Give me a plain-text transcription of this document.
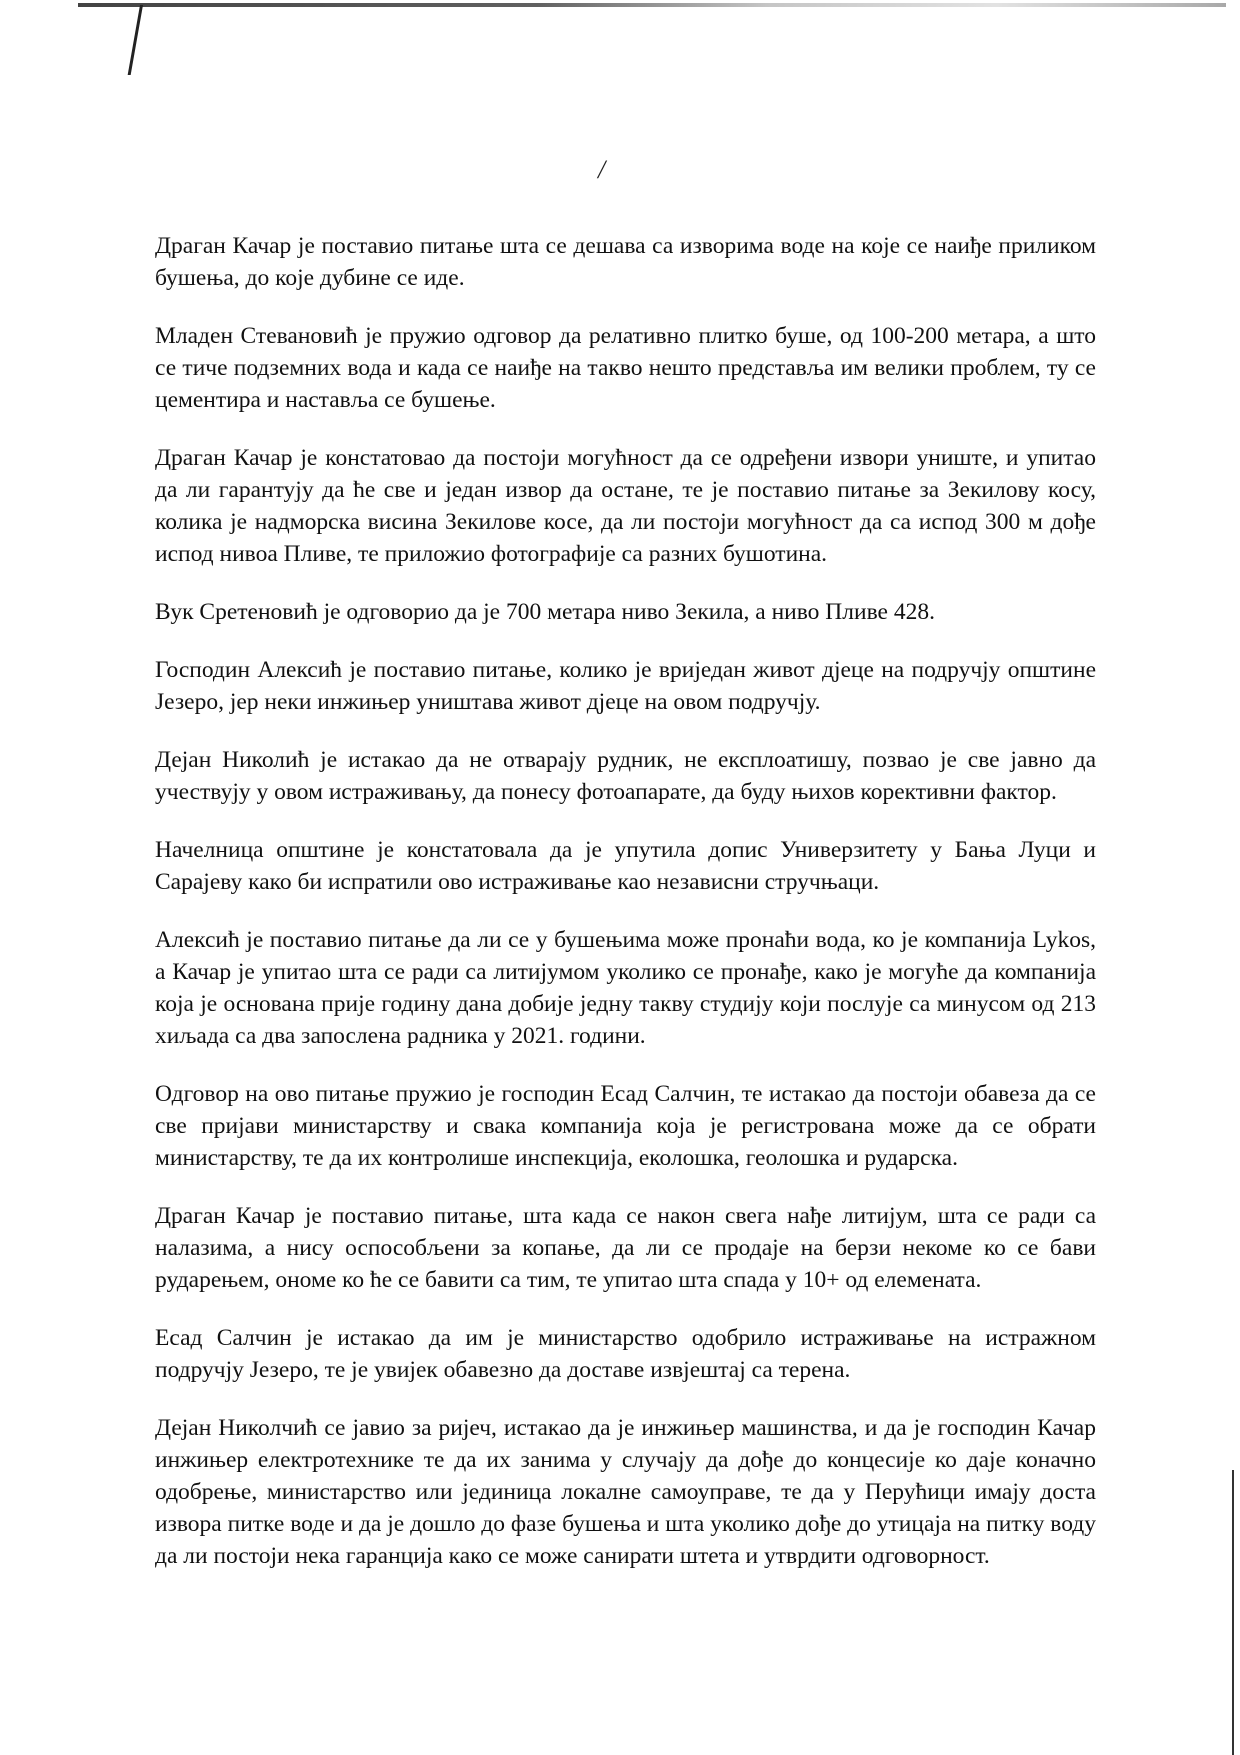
/

Драган Качар је поставио питање шта се дешава са изворима воде на које се наиђе приликом бушења, до које дубине се иде.

Младен Стевановић је пружио одговор да релативно плитко буше, од 100-200 метара, а што се тиче подземних вода и када се наиђе на такво нешто представља им велики проблем, ту се цементира и наставља се бушење.

Драган Качар је констатовао да постоји могућност да се одређени извори униште, и упитао да ли гарантују да ће све и један извор да остане, те је поставио питање за Зекилову косу, колика је надморска висина Зекилове косе, да ли постоји могућност да са испод 300 м дође испод нивоа Пливе, те приложио фотографије са разних бушотина.

Вук Сретеновић је одговорио да је 700 метара ниво Зекила, а ниво Пливе 428.

Господин Алексић је поставио питање, колико је вриједан живот дјеце на подручју општине Језеро, јер неки инжињер уништава живот дјеце на овом подручју.

Дејан Николић је истакао да не отварају рудник, не експлоатишу, позвао је све јавно да учествују у овом истраживању, да понесу фотоапарате, да буду њихов корективни фактор.

Начелница општине је констатовала да је упутила допис Универзитету у Бања Луци и Сарајеву како би испратили ово истраживање као независни стручњаци.

Алексић је поставио питање да ли се у бушењима може пронаћи вода, ко је компанија Lykos, а Качар је упитао шта се ради са литијумом уколико се пронађе, како је могуће да компанија која је основана прије годину дана добије једну такву студију који послује са минусом од 213 хиљада са два запослена радника у 2021. години.

Одговор на ово питање пружио је господин Есад Салчин, те истакао да постоји обавеза да се све пријави министарству и свака компанија која је регистрована може да се обрати министарству, те да их контролише инспекција, еколошка, геолошка и рударска.

Драган Качар је поставио питање, шта када се након свега нађе литијум, шта се ради са налазима, а нису оспособљени за копање, да ли се продаје на берзи некоме ко се бави рударењем, ономе ко ће се бавити са тим, те упитао шта спада у 10+ од елемената.

Есад Салчин је истакао да им је министарство одобрило истраживање на истражном подручју Језеро, те је увијек обавезно да доставе извјештај са терена.

Дејан Николчић се јавио за ријеч, истакао да је инжињер машинства, и да је господин Качар инжињер електротехнике те да их занима у случају да дође до концесије ко даје коначно одобрење, министарство или јединица локалне самоуправе, те да у Перућици имају доста извора питке воде и да је дошло до фазе бушења и шта уколико дође до утицаја на питку воду да ли постоји нека гаранција како се може санирати штета и утврдити одговорност.
